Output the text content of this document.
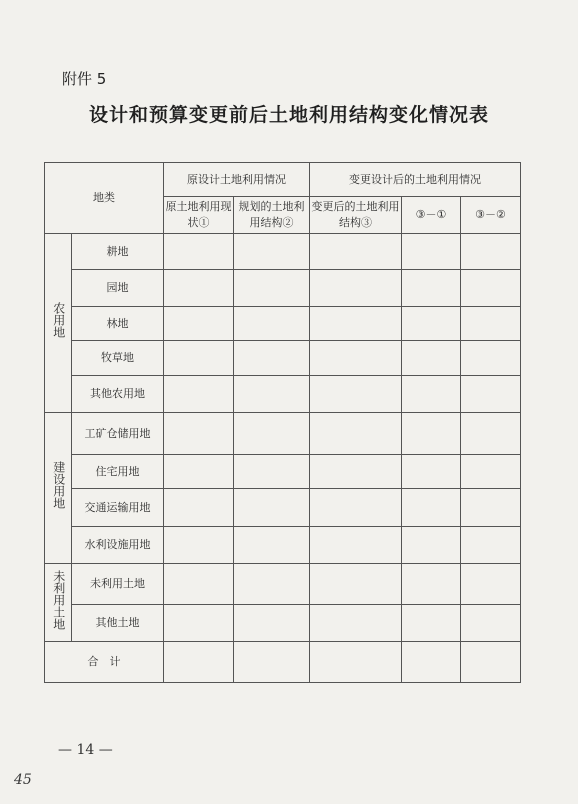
附件 5
设计和预算变更前后土地利用结构变化情况表
地类		原设计土地利用情况		变更设计后的土地利用情况		
		原土地利用现状①	规划的土地利用结构②	变更后的土地利用结构③	③－①	③－②
农用地	耕地					
	园地					
	林地					
	牧草地					
	其他农用地					
建设用地	工矿仓储用地					
	住宅用地					
	交通运输用地					
	水利设施用地					
未利用土地	未利用土地					
	其他土地					
合　计						
— 14 —
45
